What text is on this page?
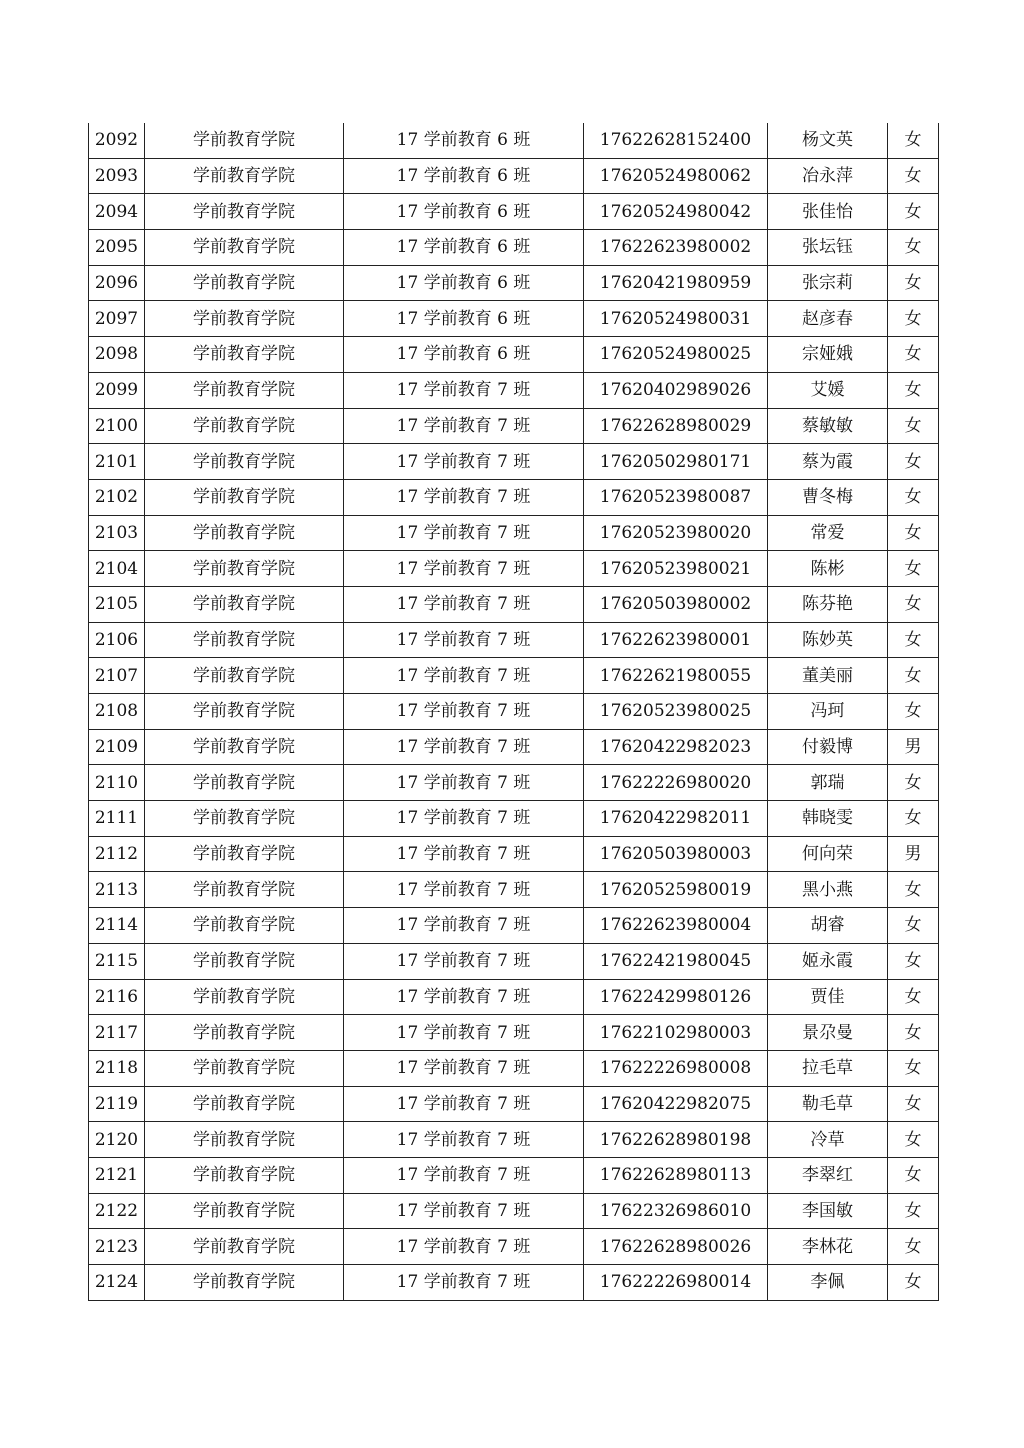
2092	学前教育学院	17 学前教育 6 班	17622628152400	杨文英	女
2093	学前教育学院	17 学前教育 6 班	17620524980062	冶永萍	女
2094	学前教育学院	17 学前教育 6 班	17620524980042	张佳怡	女
2095	学前教育学院	17 学前教育 6 班	17622623980002	张坛钰	女
2096	学前教育学院	17 学前教育 6 班	17620421980959	张宗莉	女
2097	学前教育学院	17 学前教育 6 班	17620524980031	赵彦春	女
2098	学前教育学院	17 学前教育 6 班	17620524980025	宗娅娥	女
2099	学前教育学院	17 学前教育 7 班	17620402989026	艾媛	女
2100	学前教育学院	17 学前教育 7 班	17622628980029	蔡敏敏	女
2101	学前教育学院	17 学前教育 7 班	17620502980171	蔡为霞	女
2102	学前教育学院	17 学前教育 7 班	17620523980087	曹冬梅	女
2103	学前教育学院	17 学前教育 7 班	17620523980020	常爱	女
2104	学前教育学院	17 学前教育 7 班	17620523980021	陈彬	女
2105	学前教育学院	17 学前教育 7 班	17620503980002	陈芬艳	女
2106	学前教育学院	17 学前教育 7 班	17622623980001	陈妙英	女
2107	学前教育学院	17 学前教育 7 班	17622621980055	董美丽	女
2108	学前教育学院	17 学前教育 7 班	17620523980025	冯珂	女
2109	学前教育学院	17 学前教育 7 班	17620422982023	付毅博	男
2110	学前教育学院	17 学前教育 7 班	17622226980020	郭瑞	女
2111	学前教育学院	17 学前教育 7 班	17620422982011	韩晓雯	女
2112	学前教育学院	17 学前教育 7 班	17620503980003	何向荣	男
2113	学前教育学院	17 学前教育 7 班	17620525980019	黑小燕	女
2114	学前教育学院	17 学前教育 7 班	17622623980004	胡睿	女
2115	学前教育学院	17 学前教育 7 班	17622421980045	姬永霞	女
2116	学前教育学院	17 学前教育 7 班	17622429980126	贾佳	女
2117	学前教育学院	17 学前教育 7 班	17622102980003	景尕曼	女
2118	学前教育学院	17 学前教育 7 班	17622226980008	拉毛草	女
2119	学前教育学院	17 学前教育 7 班	17620422982075	勒毛草	女
2120	学前教育学院	17 学前教育 7 班	17622628980198	冷草	女
2121	学前教育学院	17 学前教育 7 班	17622628980113	李翠红	女
2122	学前教育学院	17 学前教育 7 班	17622326986010	李国敏	女
2123	学前教育学院	17 学前教育 7 班	17622628980026	李林花	女
2124	学前教育学院	17 学前教育 7 班	17622226980014	李佩	女
